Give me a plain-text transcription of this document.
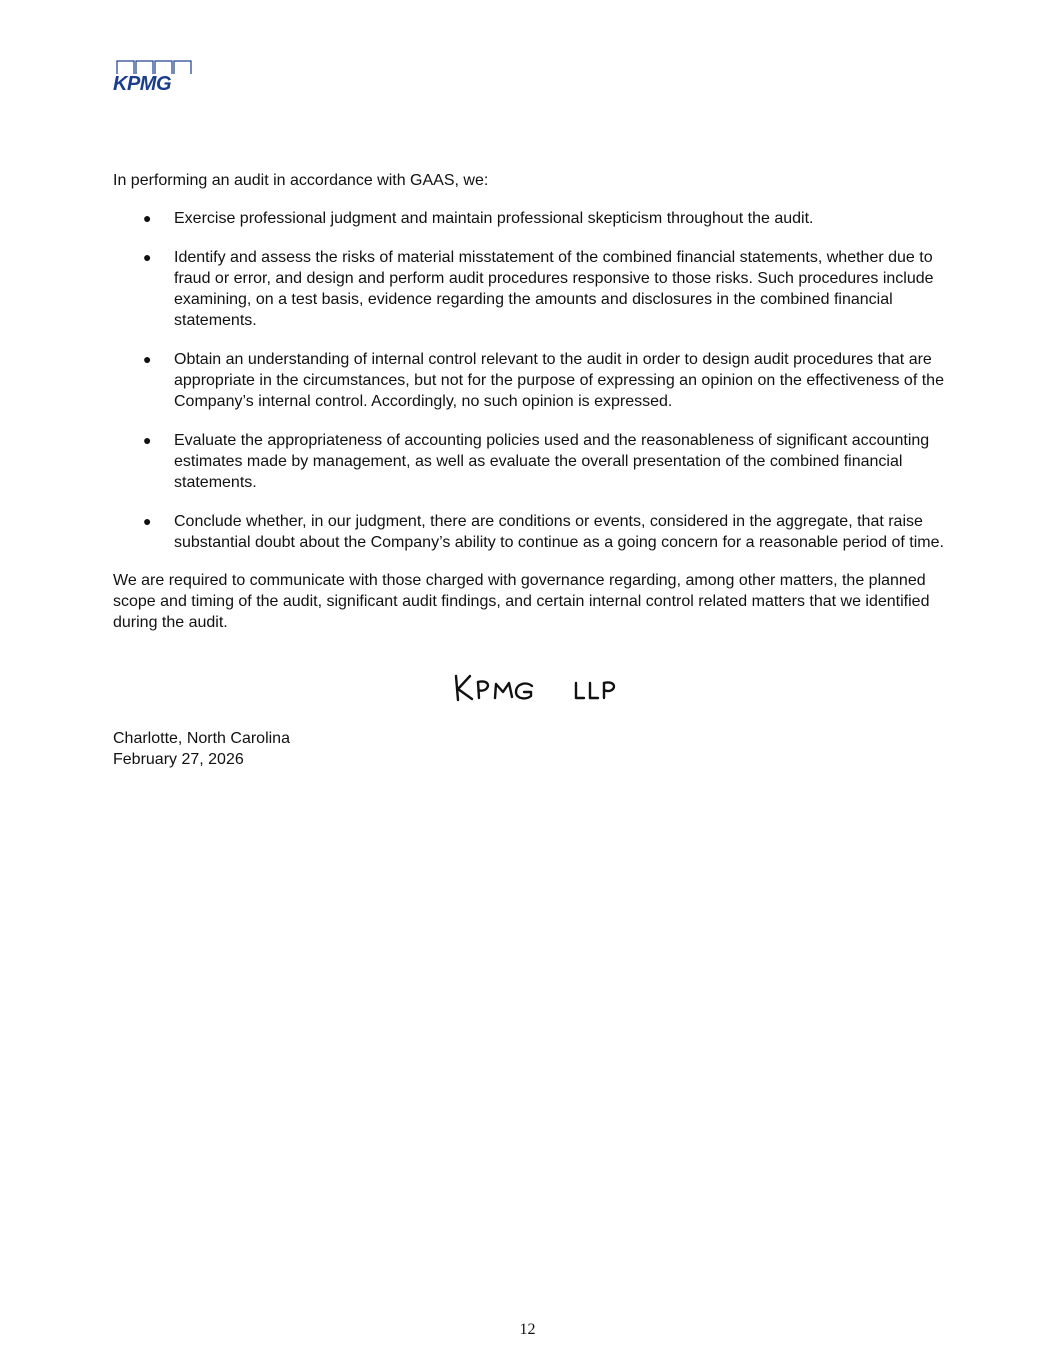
KPMG

In performing an audit in accordance with GAAS, we:

● Exercise professional judgment and maintain professional skepticism throughout the audit.
● Identify and assess the risks of material misstatement of the combined financial statements, whether due to fraud or error, and design and perform audit procedures responsive to those risks. Such procedures include examining, on a test basis, evidence regarding the amounts and disclosures in the combined financial statements.
● Obtain an understanding of internal control relevant to the audit in order to design audit procedures that are appropriate in the circumstances, but not for the purpose of expressing an opinion on the effectiveness of the Company’s internal control. Accordingly, no such opinion is expressed.
● Evaluate the appropriateness of accounting policies used and the reasonableness of significant accounting estimates made by management, as well as evaluate the overall presentation of the combined financial statements.
● Conclude whether, in our judgment, there are conditions or events, considered in the aggregate, that raise substantial doubt about the Company’s ability to continue as a going concern for a reasonable period of time.

We are required to communicate with those charged with governance regarding, among other matters, the planned scope and timing of the audit, significant audit findings, and certain internal control related matters that we identified during the audit.

Charlotte, North Carolina
February 27, 2026
12
